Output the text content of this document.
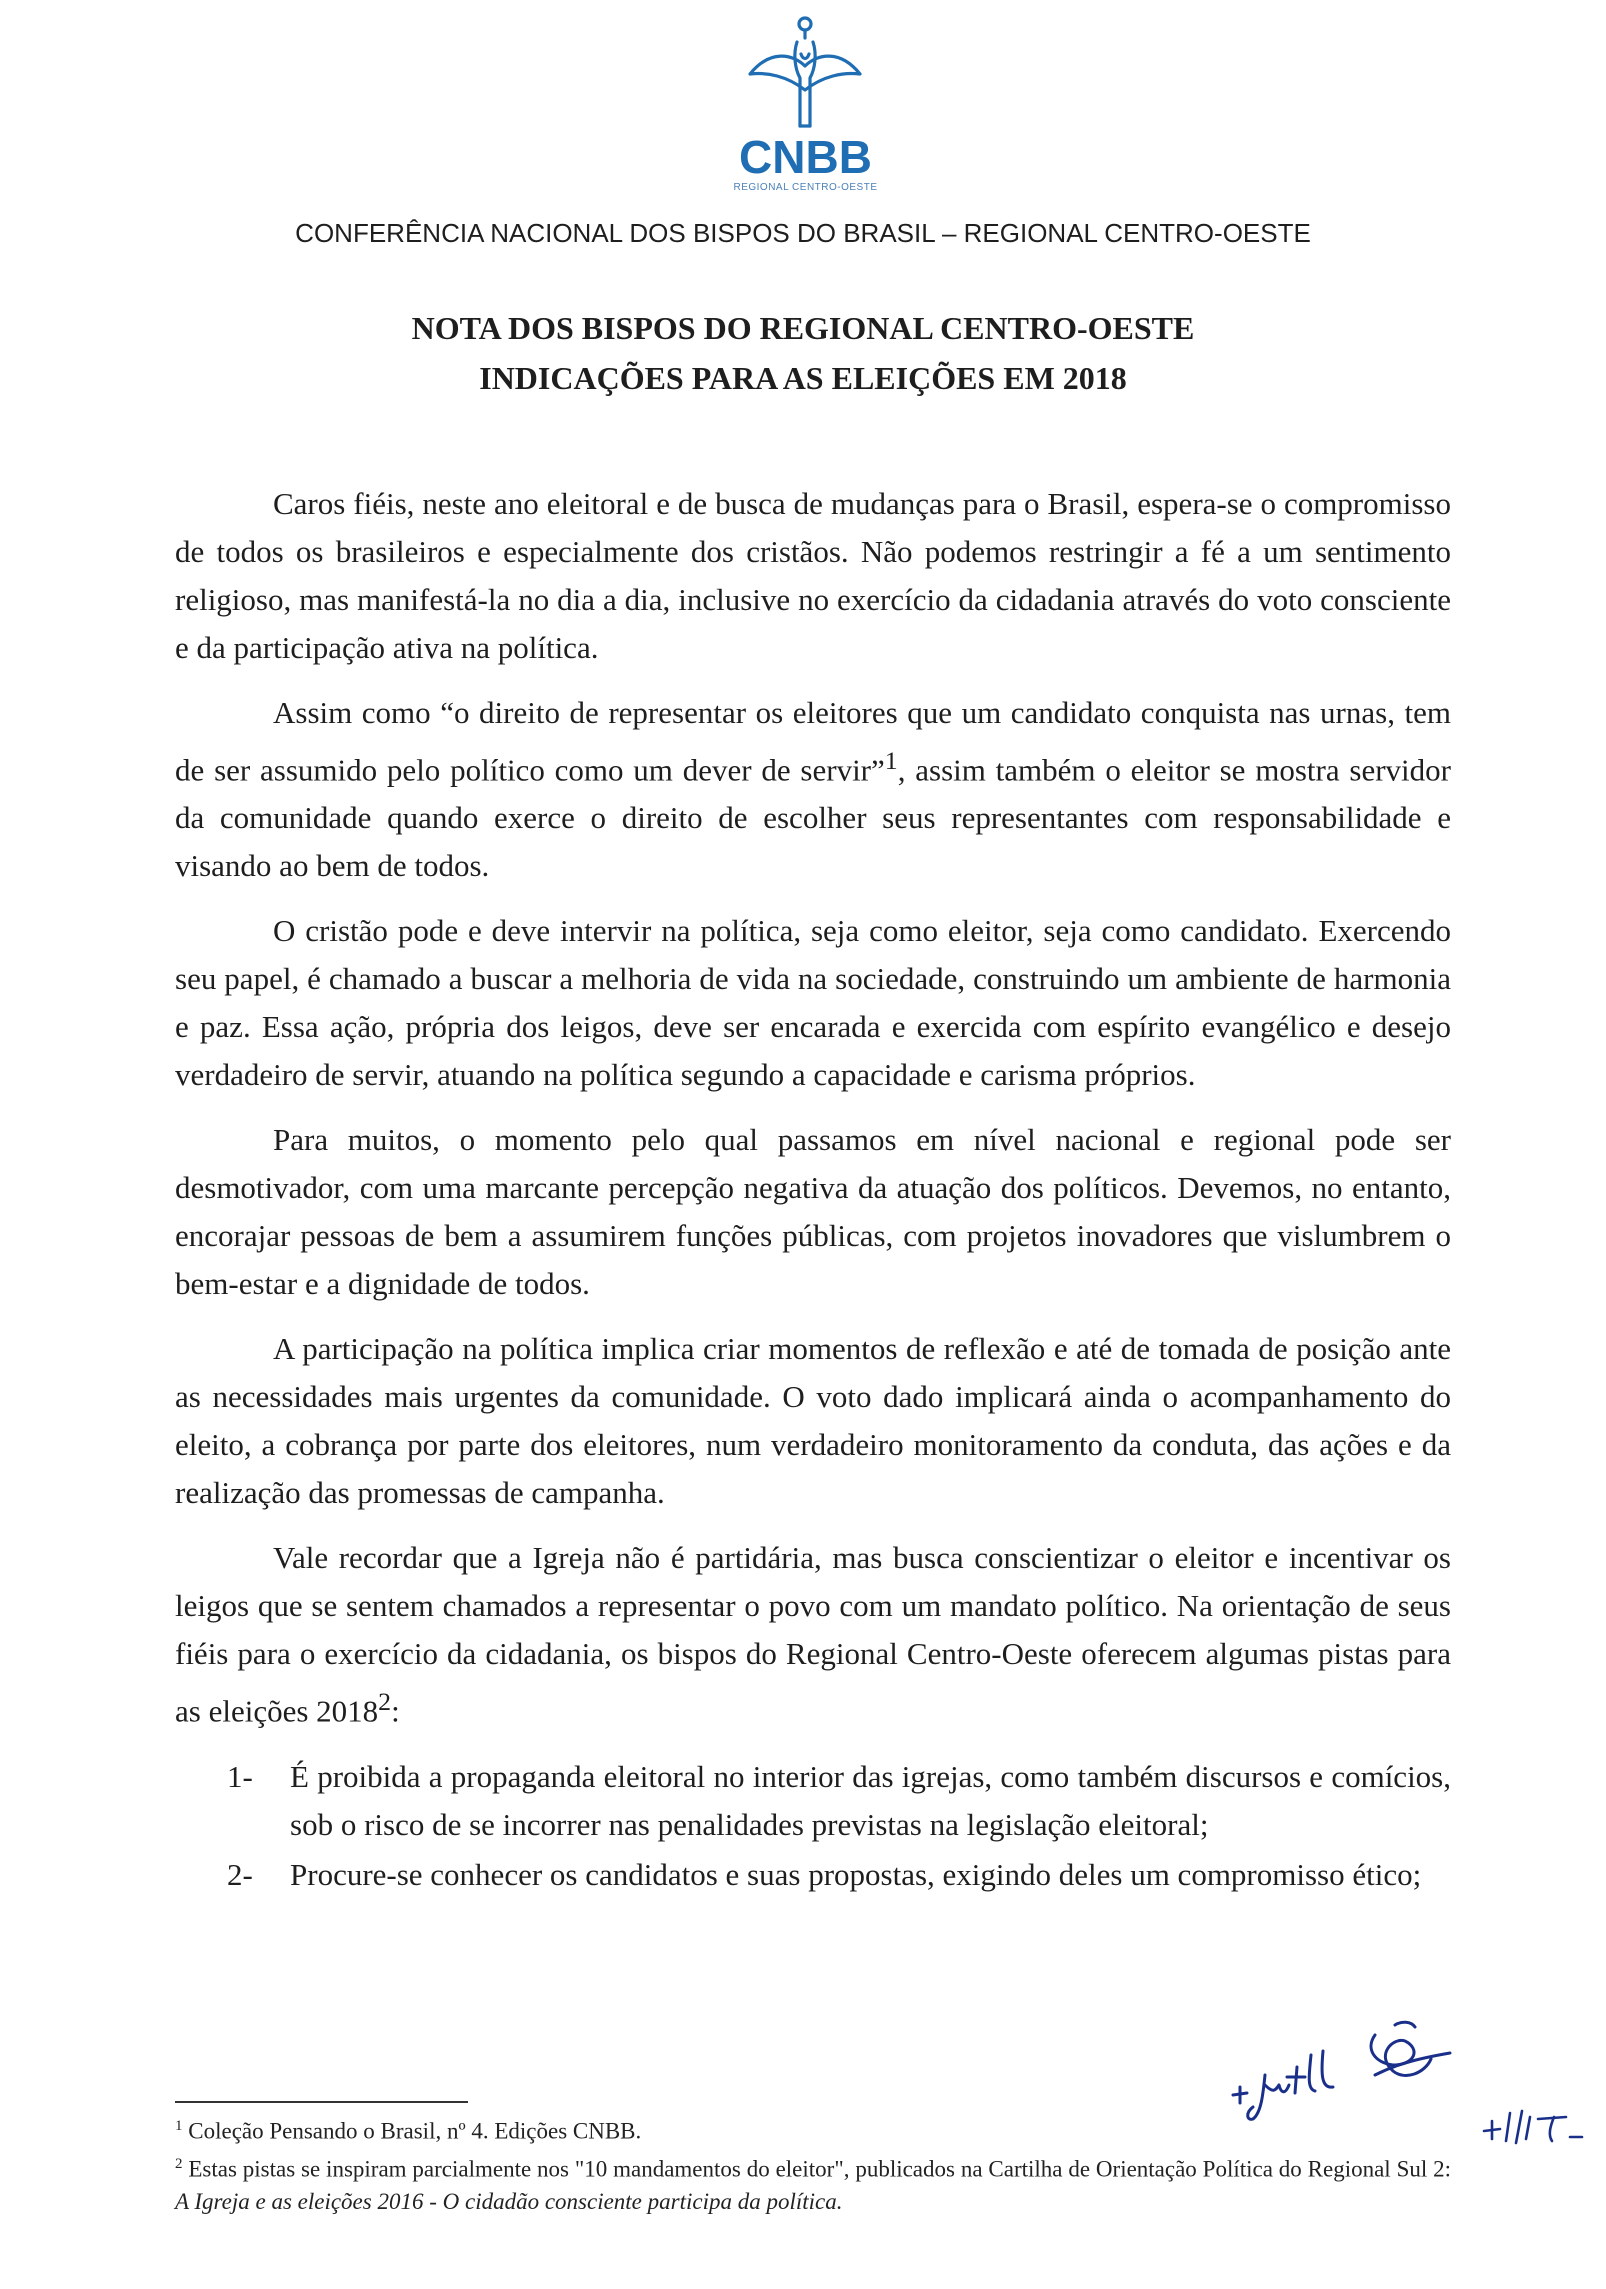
CNBB
REGIONAL CENTRO-OESTE
CONFERÊNCIA NACIONAL DOS BISPOS DO BRASIL – REGIONAL CENTRO-OESTE
NOTA DOS BISPOS DO REGIONAL CENTRO-OESTE
INDICAÇÕES PARA AS ELEIÇÕES EM 2018

Caros fiéis, neste ano eleitoral e de busca de mudanças para o Brasil, espera-se o compromisso de todos os brasileiros e especialmente dos cristãos. Não podemos restringir a fé a um sentimento religioso, mas manifestá-la no dia a dia, inclusive no exercício da cidadania através do voto consciente e da participação ativa na política.

Assim como “o direito de representar os eleitores que um candidato conquista nas urnas, tem de ser assumido pelo político como um dever de servir”$^1$, assim também o eleitor se mostra servidor da comunidade quando exerce o direito de escolher seus representantes com responsabilidade e visando ao bem de todos.

O cristão pode e deve intervir na política, seja como eleitor, seja como candidato. Exercendo seu papel, é chamado a buscar a melhoria de vida na sociedade, construindo um ambiente de harmonia e paz. Essa ação, própria dos leigos, deve ser encarada e exercida com espírito evangélico e desejo verdadeiro de servir, atuando na política segundo a capacidade e carisma próprios.

Para muitos, o momento pelo qual passamos em nível nacional e regional pode ser desmotivador, com uma marcante percepção negativa da atuação dos políticos. Devemos, no entanto, encorajar pessoas de bem a assumirem funções públicas, com projetos inovadores que vislumbrem o bem-estar e a dignidade de todos.

A participação na política implica criar momentos de reflexão e até de tomada de posição ante as necessidades mais urgentes da comunidade. O voto dado implicará ainda o acompanhamento do eleito, a cobrança por parte dos eleitores, num verdadeiro monitoramento da conduta, das ações e da realização das promessas de campanha.

Vale recordar que a Igreja não é partidária, mas busca conscientizar o eleitor e incentivar os leigos que se sentem chamados a representar o povo com um mandato político. Na orientação de seus fiéis para o exercício da cidadania, os bispos do Regional Centro-Oeste oferecem algumas pistas para as eleições 2018$^2$:

1- É proibida a propaganda eleitoral no interior das igrejas, como também discursos e comícios, sob o risco de se incorrer nas penalidades previstas na legislação eleitoral;
2- Procure-se conhecer os candidatos e suas propostas, exigindo deles um compromisso ético;
$^1$ Coleção Pensando o Brasil, nº 4. Edições CNBB.
$^2$ Estas pistas se inspiram parcialmente nos "10 mandamentos do eleitor", publicados na Cartilha de Orientação Política do Regional Sul 2: A Igreja e as eleições 2016 - O cidadão consciente participa da política.
